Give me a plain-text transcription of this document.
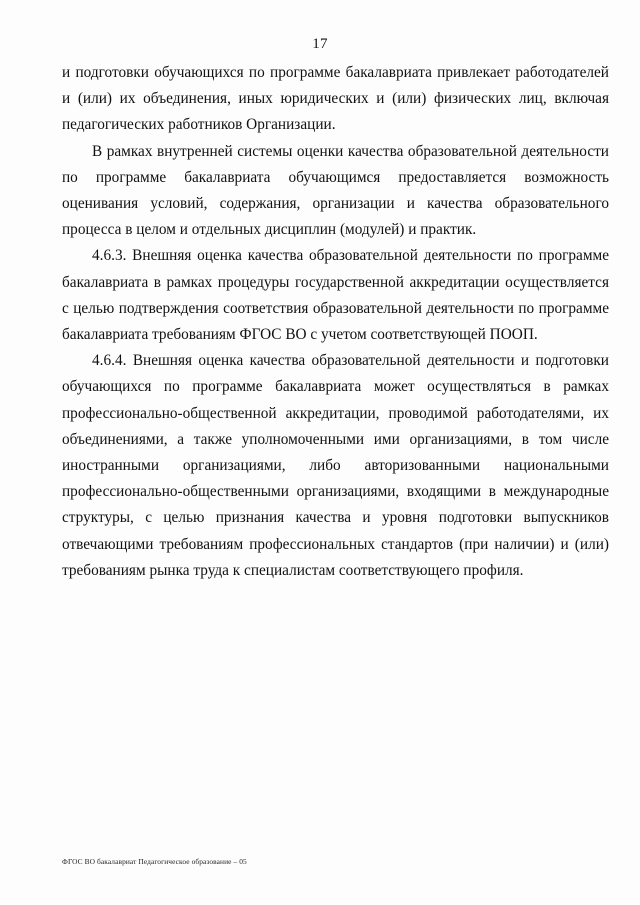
17

и подготовки обучающихся по программе бакалавриата привлекает работодателей и (или) их объединения, иных юридических и (или) физических лиц, включая педагогических работников Организации.

В рамках внутренней системы оценки качества образовательной деятельности по программе бакалавриата обучающимся предоставляется возможность оценивания условий, содержания, организации и качества образовательного процесса в целом и отдельных дисциплин (модулей) и практик.

4.6.3. Внешняя оценка качества образовательной деятельности по программе бакалавриата в рамках процедуры государственной аккредитации осуществляется с целью подтверждения соответствия образовательной деятельности по программе бакалавриата требованиям ФГОС ВО с учетом соответствующей ПООП.

4.6.4. Внешняя оценка качества образовательной деятельности и подготовки обучающихся по программе бакалавриата может осуществляться в рамках профессионально-общественной аккредитации, проводимой работодателями, их объединениями, а также уполномоченными ими организациями, в том числе иностранными организациями, либо авторизованными национальными профессионально-общественными организациями, входящими в международные структуры, с целью признания качества и уровня подготовки выпускников отвечающими требованиям профессиональных стандартов (при наличии) и (или) требованиям рынка труда к специалистам соответствующего профиля.

ФГОС ВО бакалавриат Педагогическое образование – 05
